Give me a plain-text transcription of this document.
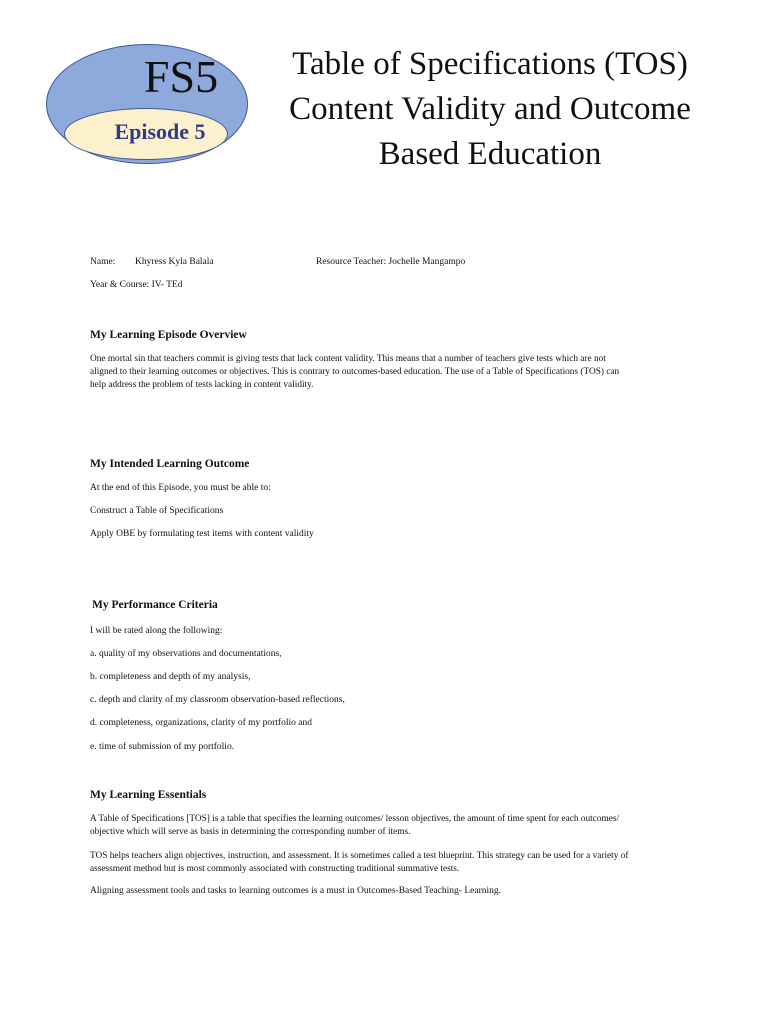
FS5
Episode 5
Table of Specifications (TOS)
Content Validity and Outcome
Based Education
Name: Khyress Kyla Balala	Resource Teacher: Jochelle Mangampo
Year & Course: IV- TEd
My Learning Episode Overview
One mortal sin that teachers commit is giving tests that lack content validity. This means that a number of teachers give tests which are not
aligned to their learning outcomes or objectives. This is contrary to outcomes-based education. The use of a Table of Specifications (TOS) can
help address the problem of tests lacking in content validity.
My Intended Learning Outcome
At the end of this Episode, you must be able to:
Construct a Table of Specifications
Apply OBE by formulating test items with content validity
My Performance Criteria
I will be rated along the following:
a. quality of my observations and documentations,
b. completeness and depth of my analysis,
c. depth and clarity of my classroom observation-based reflections,
d. completeness, organizations, clarity of my portfolio and
e. time of submission of my portfolio.
My Learning Essentials
A Table of Specifications [TOS] is a table that specifies the learning outcomes/ lesson objectives, the amount of time spent for each outcomes/
objective which will serve as basis in determining the corresponding number of items.
TOS helps teachers align objectives, instruction, and assessment. It is sometimes called a test blueprint. This strategy can be used for a variety of
assessment method but is most commonly associated with constructing traditional summative tests.
Aligning assessment tools and tasks to learning outcomes is a must in Outcomes-Based Teaching- Learning.
